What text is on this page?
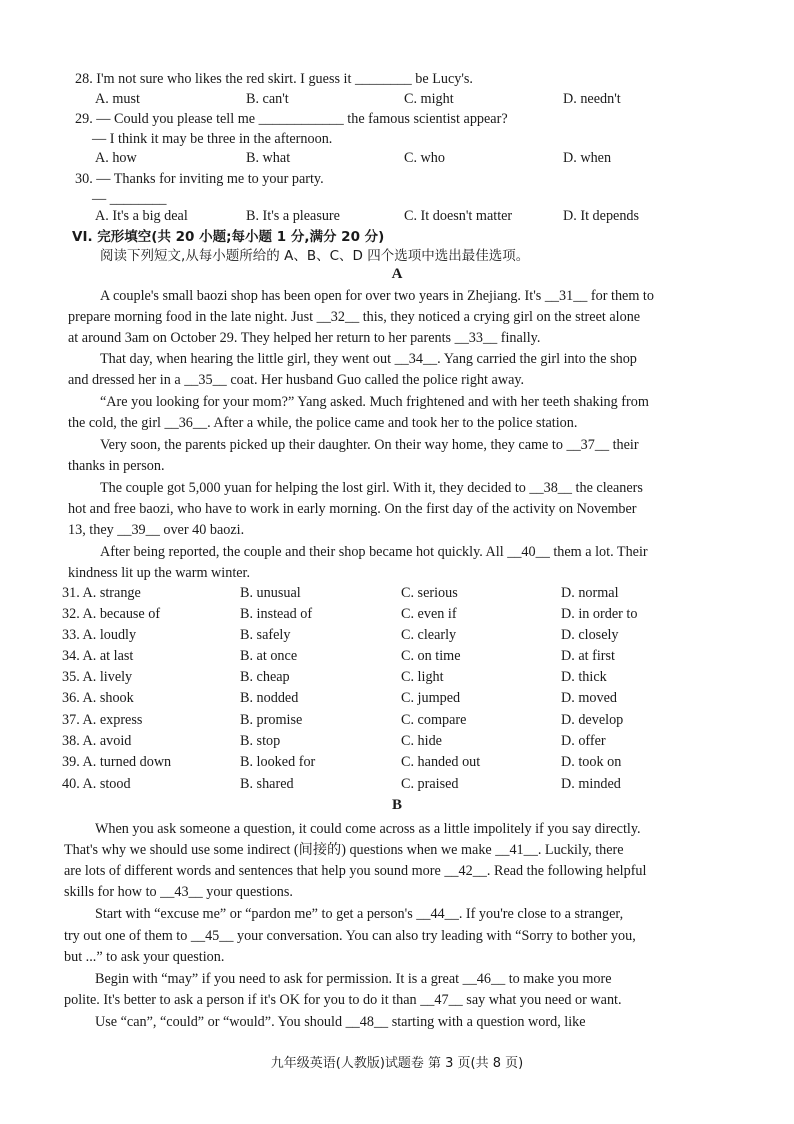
28. I'm not sure who likes the red skirt. I guess it ________ be Lucy's.
A. must	B. can't	C. might	D. needn't
29. — Could you please tell me ____________ the famous scientist appear?
— I think it may be three in the afternoon.
A. how	B. what	C. who	D. when
30. — Thanks for inviting me to your party.
— ________
A. It's a big deal	B. It's a pleasure	C. It doesn't matter	D. It depends
VI. 完形填空(共 20 小题;每小题 1 分,满分 20 分)
阅读下列短文,从每小题所给的 A、B、C、D 四个选项中选出最佳选项。
A
A couple's small baozi shop has been open for over two years in Zhejiang. It's __31__ for them to
prepare morning food in the late night. Just __32__ this, they noticed a crying girl on the street alone
at around 3am on October 29. They helped her return to her parents __33__ finally.
That day, when hearing the little girl, they went out __34__. Yang carried the girl into the shop
and dressed her in a __35__ coat. Her husband Guo called the police right away.
“Are you looking for your mom?” Yang asked. Much frightened and with her teeth shaking from
the cold, the girl __36__. After a while, the police came and took her to the police station.
Very soon, the parents picked up their daughter. On their way home, they came to __37__ their
thanks in person.
The couple got 5,000 yuan for helping the lost girl. With it, they decided to __38__ the cleaners
hot and free baozi, who have to work in early morning. On the first day of the activity on November
13, they __39__ over 40 baozi.
After being reported, the couple and their shop became hot quickly. All __40__ them a lot. Their
kindness lit up the warm winter.
31. A. strange	B. unusual	C. serious	D. normal
32. A. because of	B. instead of	C. even if	D. in order to
33. A. loudly	B. safely	C. clearly	D. closely
34. A. at last	B. at once	C. on time	D. at first
35. A. lively	B. cheap	C. light	D. thick
36. A. shook	B. nodded	C. jumped	D. moved
37. A. express	B. promise	C. compare	D. develop
38. A. avoid	B. stop	C. hide	D. offer
39. A. turned down	B. looked for	C. handed out	D. took on
40. A. stood	B. shared	C. praised	D. minded
B
When you ask someone a question, it could come across as a little impolitely if you say directly.
That's why we should use some indirect (间接的) questions when we make __41__. Luckily, there
are lots of different words and sentences that help you sound more __42__. Read the following helpful
skills for how to __43__ your questions.
Start with “excuse me” or “pardon me” to get a person's __44__. If you're close to a stranger,
try out one of them to __45__ your conversation. You can also try leading with “Sorry to bother you,
but ...” to ask your question.
Begin with “may” if you need to ask for permission. It is a great __46__ to make you more
polite. It's better to ask a person if it's OK for you to do it than __47__ say what you need or want.
Use “can”, “could” or “would”. You should __48__ starting with a question word, like
九年级英语(人教版)试题卷 第 3 页(共 8 页)
